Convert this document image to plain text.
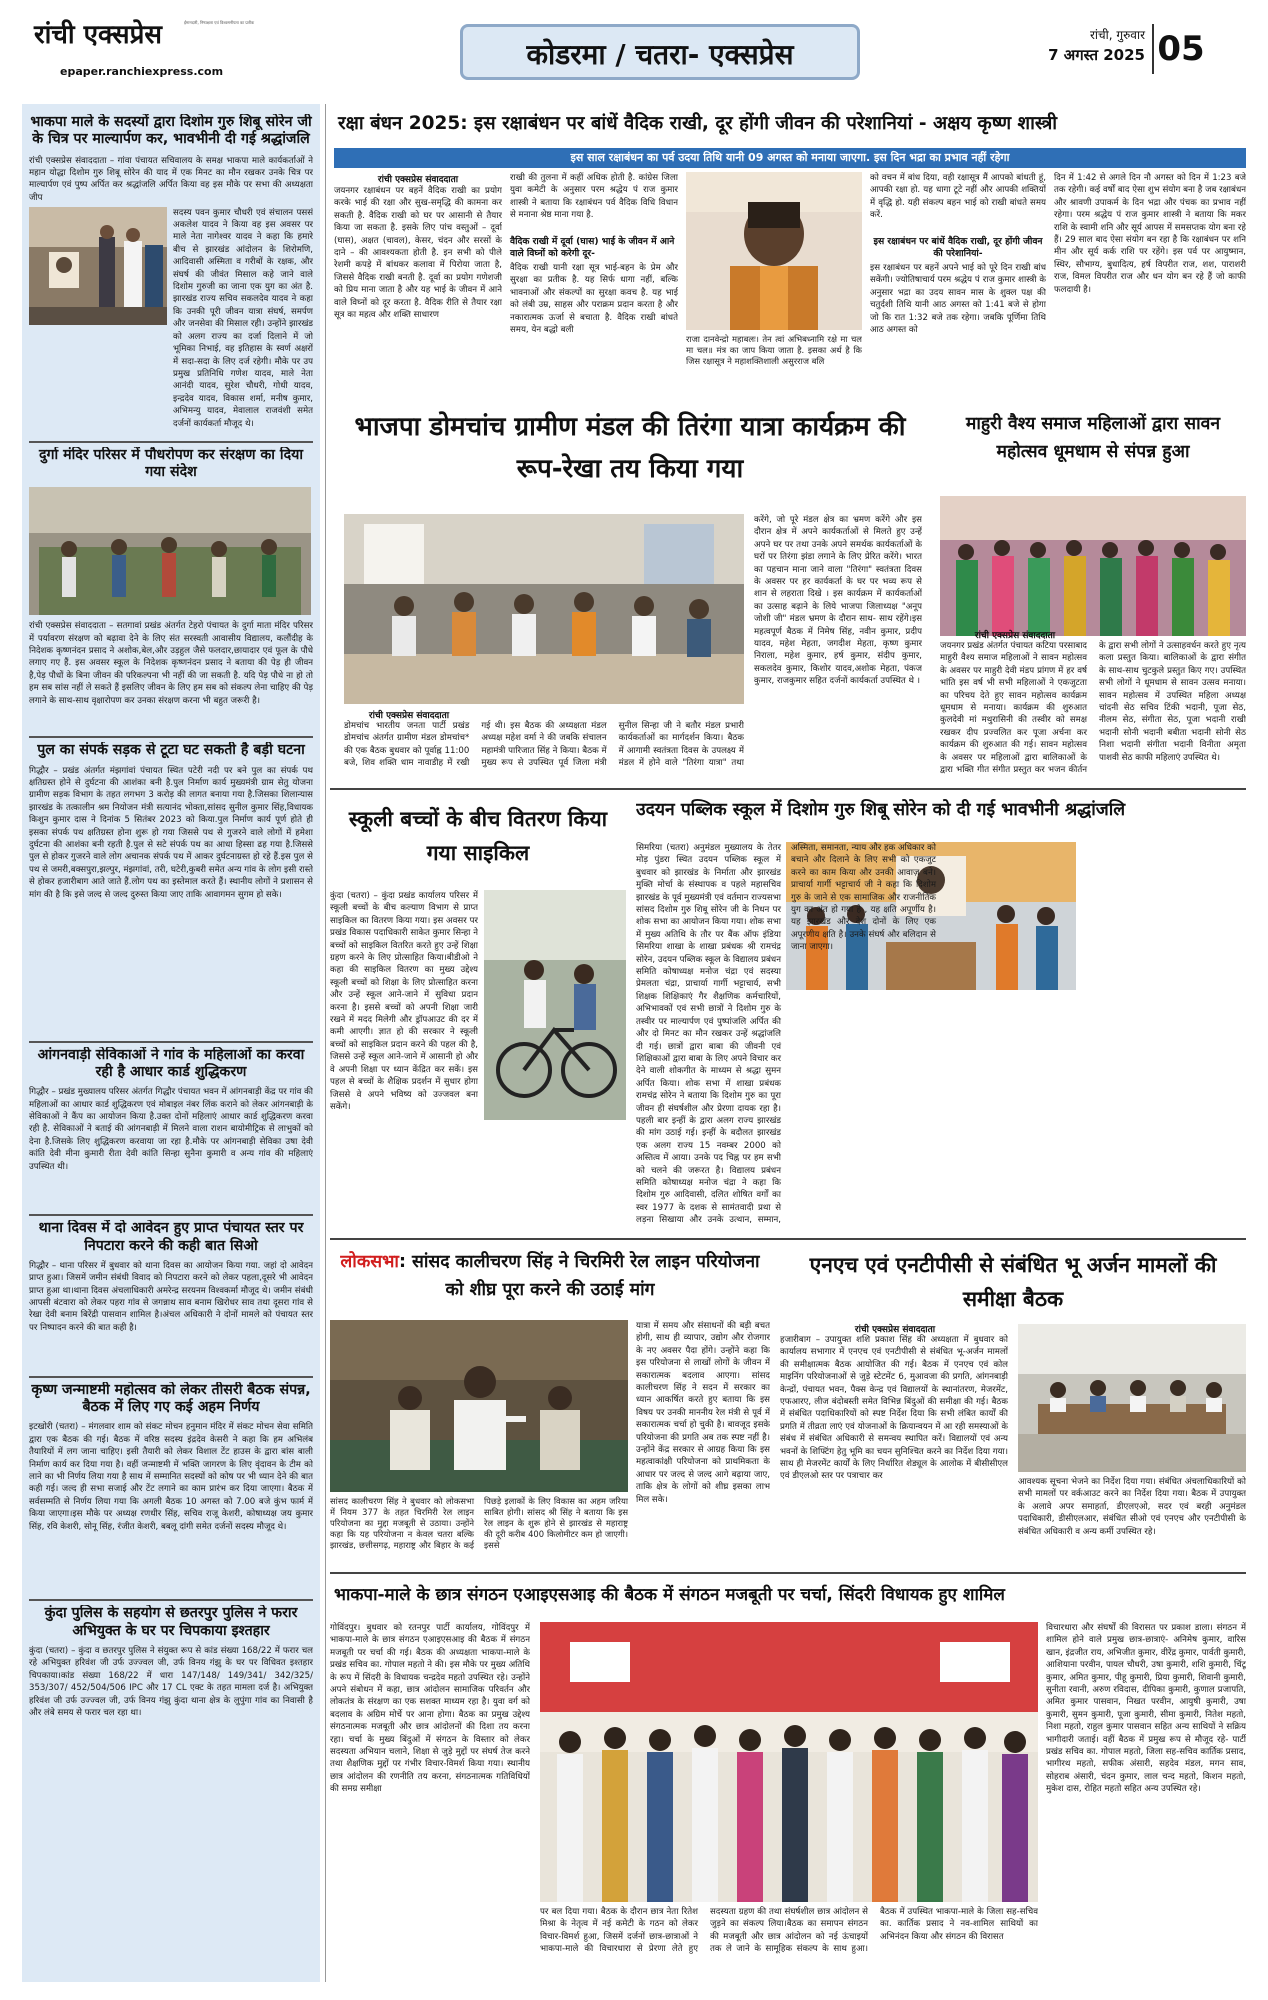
रांची एक्सप्रेस	ईमानदारी, निष्पक्षता एवं विश्वसनीयता का प्रतीक
epaper.ranchiexpress.com
कोडरमा / चतरा- एक्सप्रेस
रांची, गुरुवार
7 अगस्त 2025 05
भाकपा माले के सदस्यों द्वारा दिशोम गुरु शिबू सोरेन जी के चित्र पर माल्यार्पण कर, भावभीनी दी गई श्रद्धांजलि
रांची एक्सप्रेस संवाददाता – गांवा पंचायत सचिवालय के समक्ष भाकपा माले कार्यकर्ताओं ने महान योद्धा दिशोम गुरु शिबू सोरेन की याद में एक मिनट का मौन रखकर उनके चित्र पर माल्यार्पण एवं पुष्प अर्पित कर श्रद्धांजलि अर्पित किया वह इस मौके पर सभा की अध्यक्षता जीप
सदस्य पवन कुमार चौधरी एवं संचालन पससं अकलेश यादव ने किया वह इस अवसर पर माले नेता नागेश्वर यादव ने कहा कि हमारे बीच से झारखंड आंदोलन के शिरोमणि, आदिवासी अस्मिता व गरीबों के रक्षक, और संघर्ष की जीवंत मिसाल कहे जाने वाले दिशोम गुरुजी का जाना एक युग का अंत है. झारखंड राज्य सचिव सकलदेव यादव ने कहा कि उनकी पूरी जीवन यात्रा संघर्ष, समर्पण और जनसेवा की मिसाल रही। उन्होंने झारखंड को अलग राज्य का दर्जा दिलाने में जो भूमिका निभाई, वह इतिहास के स्वर्ण अक्षरों में सदा-सदा के लिए दर्ज रहेगी। मौके पर उप प्रमुख प्रतिनिधि गणेश यादव, माले नेता आनंदी यादव, सुरेश चौधरी, गोधी यादव, इन्द्रदेव यादव, विकास शर्मा, मनीष कुमार, अभिमन्यु यादव, मेवालाल राजवंशी समेत दर्जनों कार्यकर्ता मौजूद थे।
दुर्गा मंदिर परिसर में पौधरोपण कर संरक्षण का दिया गया संदेश
रांची एक्सप्रेस संवाददाता – सतगावां प्रखंड अंतर्गत टेहरो पंचायत के दुर्गा माता मंदिर परिसर में पर्यावरण संरक्षण को बढ़ावा देने के लिए संत सरस्वती आवासीय विद्यालय, कलौंदीह के निदेशक कृष्णनंदन प्रसाद ने अशोक,बेल,और उड़हुल जैसे फलदार,छायादार एवं फूल के पौधे लगाए गए हैं. इस अवसर स्कूल के निदेशक कृष्णनंदन प्रसाद ने बताया की पेड़ ही जीवन है,पेड़ पौधों के बिना जीवन की परिकल्पना भी नहीं की जा सकती है. यदि पेड़ पौधे ना हो तो हम सब सांस नहीं ले सकते हैं इसलिए जीवन के लिए हम सब को संकल्प लेना चाहिए की पेड़ लगाने के साथ-साथ वृक्षारोपण कर उनका संरक्षण करना भी बहुत जरूरी है।
पुल का संपर्क सड़क से टूटा घट सकती है बड़ी घटना
गिद्धौर – प्रखंड अंतर्गत मंझगांवां पंचायत स्थित पटेरी नदी पर बने पुल का संपर्क पथ क्षतिग्रस्त होने से दुर्घटना की आशंका बनी है.पुल निर्माण कार्य मुख्यमंत्री ग्राम सेतु योजना ग्रामीण सड़क विभाग के तहत लगभग 3 करोड़ की लागत बनाया गया है.जिसका शिलान्यास झारखंड के तत्कालीन श्रम नियोजन मंत्री सत्यानंद भोक्ता,सांसद सुनील कुमार सिंह,विधायक किशुन कुमार दास ने दिनांक 5 सितंबर 2023 को किया.पुल निर्माण कार्य पूर्ण होते ही इसका संपर्क पथ क्षतिग्रस्त होना शुरू हो गया जिससे पथ से गुजरने वाले लोगों में हमेशा दुर्घटना की आशंका बनी रहती है.पुल से सटे संपर्क पथ का आधा हिस्सा ढह गया है.जिससे पुल से होकर गुजरने वाले लोग अचानक संपर्क पथ में आकर दुर्घटनाग्रस्त हो रहे हैं.इस पुल से पथ से जमरी,बक्सपुरा,झल्पुर, मंझगांवां, तरी, घटेरी,कुबरी समेत अन्य गांव के लोग इसी रास्ते से होकर हजारीबाग आते जाते हैं.लोग पथ का इस्तेमाल करते हैं। स्थानीय लोगों ने प्रशासन से मांग की है कि इसे जल्द से जल्द दुरुस्त किया जाए ताकि आवागमन सुगम हो सके।
आंगनवाड़ी सेविकाओं ने गांव के महिलाओं का करवा रही है आधार कार्ड शुद्धिकरण
गिद्धौर – प्रखंड मुख्यालय परिसर अंतर्गत गिद्धौर पंचायत भवन में आंगनबाड़ी केंद्र पर गांव की महिलाओं का आधार कार्ड शुद्धिकरण एवं मोबाइल नंबर लिंक कराने को लेकर आंगनबाड़ी के सेविकाओं ने कैंप का आयोजन किया है.उक्त दोनों महिलाएं आधार कार्ड शुद्धिकरण करवा रही है. सेविकाओं ने बताई की आंगनबाड़ी में मिलने वाला राशन बायोमीट्रिक से लाभुकों को देना है.जिसके लिए शुद्धिकरण करवाया जा रहा है.मौके पर आंगनबाड़ी सेविका उषा देवी कांति देवी मीना कुमारी रीता देवी कांति सिन्हा सुनैना कुमारी व अन्य गांव की महिलाएं उपस्थित थी।
थाना दिवस में दो आवेदन हुए प्राप्त पंचायत स्तर पर निपटारा करने की कही बात सिओ
गिद्धौर – थाना परिसर में बुधवार को थाना दिवस का आयोजन किया गया. जहां दो आवेदन प्राप्त हुआ। जिसमें जमीन संबंधी विवाद को निपटारा करने को लेकर पहला,दूसरे भी आवेदन प्राप्त हुआ था।थाना दिवस अंचलाधिकारी अमरेन्द्र सरयनम विश्वकर्मा मौजूद थे। जमीन संबंधी आपसी बंटवारा को लेकर पहरा गांव से जगन्नाथ साव बनाम खिरोधर साव तथा दूसरा गांव से रेखा देवी बनाम बिरेंद्री पासवान शामिल है।अंचल अधिकारी ने दोनों मामले को पंचायत स्तर पर निष्पादन करने की बात कही है।
कृष्ण जन्माष्टमी महोत्सव को लेकर तीसरी बैठक संपन्न, बैठक में लिए गए कई अहम निर्णय
इटखोरी (चतरा) – मंगलवार शाम को संकट मोचन हनुमान मंदिर में संकट मोचन सेवा समिति द्वारा एक बैठक की गई। बैठक में वरिष्ठ सदस्य इंद्रदेव केसरी ने कहा कि हम अभिलंब तैयारियों में लग जाना चाहिए। इसी तैयारी को लेकर विशाल टेंट हाउस के द्वारा बांस बाली निर्माण कार्य कर दिया गया है। वहीं जन्माष्टमी में भक्ति जागरण के लिए वृंदावन के टीम को लाने का भी निर्णय लिया गया है साथ में सम्मानित सदस्यों को कोष पर भी ध्यान देने की बात कही गई। जल्द ही सभा सजाई और टेंट लगाने का काम प्रारंभ कर दिया जाएगा। बैठक में सर्वसम्मति से निर्णय लिया गया कि अगली बैठक 10 अगस्त को 7.00 बजे कुंभ फार्म में किया जाएगा।इस मौके पर अध्यक्ष रणधीर सिंह, सचिव राजू केशरी, कोषाध्यक्ष जय कुमार सिंह, रवि केशरी, सोनू सिंह, रंजीत केशरी, बबलू दांगी समेत दर्जनों सदस्य मौजूद थे।
कुंदा पुलिस के सहयोग से छतरपुर पुलिस ने फरार अभियुक्त के घर पर चिपकाया इश्तहार
कुंदा (चतरा) – कुंदा व छतरपुर पुलिस ने संयुक्त रूप से कांड संख्या 168/22 में फरार चल रहे अभियुक्त हरिवंश जी उर्फ उज्ज्वल जी, उर्फ विनय गंझु के घर पर विधिवत इश्तहार चिपकाया।कांड संख्या 168/22 में धारा 147/148/ 149/341/ 342/325/ 353/307/ 452/504/506 IPC और 17 CL एक्ट के तहत मामला दर्ज है। अभियुक्त हरिवंश जी उर्फ उज्ज्वल जी, उर्फ विनय गंझु कुंदा थाना क्षेत्र के लुपुंगा गांव का निवासी है और लंबे समय से फरार चल रहा था।
रक्षा बंधन 2025: इस रक्षाबंधन पर बांधें वैदिक राखी, दूर होंगी जीवन की परेशानियां - अक्षय कृष्ण शास्त्री
इस साल रक्षाबंधन का पर्व उदया तिथि यानी 09 अगस्त को मनाया जाएगा. इस दिन भद्रा का प्रभाव नहीं रहेगा
रांची एक्सप्रेस संवाददाता
जयनगर रक्षाबंधन पर बहनें वैदिक राखी का प्रयोग करके भाई की रक्षा और सुख-समृद्धि की कामना कर सकती है. वैदिक राखी को घर पर आसानी से तैयार किया जा सकता है. इसके लिए पांच वस्तुओं – दूर्वा (घास), अक्षत (चावल), केसर, चंदन और सरसों के दाने – की आवश्यकता होती है. इन सभी को पीले रेशमी कपड़े में बांधकर कलावा में पिरोया जाता है, जिससे वैदिक राखी बनती है. दूर्वा का प्रयोग गणेशजी को प्रिय माना जाता है और यह भाई के जीवन में आने वाले विघ्नों को दूर करता है. वैदिक रीति से तैयार रक्षा सूत्र का महत्व और शक्ति साधारण
राखी की तुलना में कहीं अधिक होती है. कांग्रेस जिला युवा कमेटी के अनुसार परम श्रद्धेय पं राज कुमार शास्त्री ने बताया कि रक्षाबंधन पर्व वैदिक विधि विधान से मनाना श्रेष्ठ माना गया है.
वैदिक राखी में दूर्वा (घास) भाई के जीवन में आने वाले विघ्नों को करेगी दूर-
वैदिक राखी यानी रक्षा सूत्र भाई-बहन के प्रेम और सुरक्षा का प्रतीक है. यह सिर्फ धागा नहीं, बल्कि भावनाओं और संकल्पों का सुरक्षा कवच है. यह भाई को लंबी उम्र, साहस और पराक्रम प्रदान करता है और नकारात्मक ऊर्जा से बचाता है. वैदिक राखी बांधते समय, येन बद्धो बली
राजा दानवेन्द्रो महाबलः। तेन त्वां अभिबध्नामि रक्षे मा चल मा चल॥ मंत्र का जाप किया जाता है. इसका अर्थ है कि जिस रक्षासूत्र ने महाशक्तिशाली असुरराज बलि
को वचन में बांध दिया, वही रक्षासूत्र मैं आपको बांधती हूं, आपकी रक्षा हो. यह धागा टूटे नहीं और आपकी शक्तियों में वृद्धि हो. यही संकल्प बहन भाई को राखी बांधते समय करें.
इस रक्षाबंधन पर बांधें वैदिक राखी, दूर होंगी जीवन की परेशानियां-
इस रक्षाबंधन पर बहनें अपने भाई को पूरे दिन राखी बांध सकेंगी। ज्योतिषाचार्य परम श्रद्धेय पं राज कुमार शास्त्री के अनुसार भद्रा का उदय सावन मास के शुक्ल पक्ष की चतुर्दशी तिथि यानी आठ अगस्त को 1:41 बजे से होगा जो कि रात 1:32 बजे तक रहेगा। जबकि पूर्णिमा तिथि आठ अगस्त को
दिन में 1:42 से अगले दिन नौ अगस्त को दिन में 1:23 बजे तक रहेगी। कई वर्षों बाद ऐसा शुभ संयोग बना है जब रक्षाबंधन और श्रावणी उपाकर्म के दिन भद्रा और पंचक का प्रभाव नहीं रहेगा। परम श्रद्धेय पं राज कुमार शास्त्री ने बताया कि मकर राशि के स्वामी शनि और सूर्य आपस में समसप्तक योग बना रहे हैं। 29 साल बाद ऐसा संयोग बन रहा है कि रक्षाबंधन पर शनि मीन और सूर्य कर्क राशि पर रहेंगे। इस पर्व पर आयुष्मान, स्थिर, सौभाग्य, बुधादित्य, हर्ष विपरीत राज, शश, पाराशरी राज, विमल विपरीत राज और धन योग बन रहे हैं जो काफी फलदायी है।
भाजपा डोमचांच ग्रामीण मंडल की तिरंगा यात्रा कार्यक्रम की रूप-रेखा तय किया गया
रांची एक्सप्रेस संवाददाता
डोमचांच भारतीय जनता पार्टी प्रखंड डोमचांच अंतर्गत ग्रामीण मंडल डोमचांच* की एक बैठक बुधवार को पूर्वाह्न 11:00 बजे, शिव शक्ति धाम नावाडीह में रखी गई थी। इस बैठक की अध्यक्षता मंडल अध्यक्ष महेश वर्मा ने की जबकि संचालन महामंत्री पारिजात सिंह ने किया। बैठक में मुख्य रूप से उपस्थित पूर्व जिला मंत्री सुनील सिन्हा जी ने बतौर मंडल प्रभारी कार्यकर्ताओं का मार्गदर्शन किया। बैठक में आगामी स्वतंत्रता दिवस के उपलक्ष्य में मंडल में होने वाले "तिरंगा यात्रा" तथा
करेंगे, जो पूरे मंडल क्षेत्र का भ्रमण करेंगे और इस दौरान क्षेत्र में अपने कार्यकर्ताओं से मिलते हुए उन्हें अपने घर पर तथा उनके अपने समर्थक कार्यकर्ताओं के घरों पर तिरंगा झंडा लगाने के लिए प्रेरित करेंगे। भारत का पहचान माना जाने वाला "तिरंगा" स्वतंत्रता दिवस के अवसर पर हर कार्यकर्ता के घर पर भव्य रूप से शान से लहराता दिखे । इस कार्यक्रम में कार्यकर्ताओं का उत्साह बढ़ाने के लिये भाजपा जिलाध्यक्ष "अनूप जोशी जी" मंडल भ्रमण के दौरान साथ- साथ रहेंगे।इस महत्वपूर्ण बैठक में निमेष सिंह, नवीन कुमार, प्रदीप यादव, महेश मेहता, जगदीश मेहता, कृष्ण कुमार निराला, महेश कुमार, हर्ष कुमार, संदीप कुमार, सकलदेव कुमार, किशोर यादव,अशोक मेहता, पंकज कुमार, राजकुमार सहित दर्जनों कार्यकर्ता उपस्थित थे ।
माहुरी वैश्य समाज महिलाओं द्वारा सावन महोत्सव धूमधाम से संपन्न हुआ
रांची एक्सप्रेस संवाददाता
जयनगर प्रखंड अंतर्गत पंचायत कटिया परसाबाद माहुरी वैश्य समाज महिलाओं ने सावन महोत्सव के अवसर पर माहुरी देवी मंडप प्रांगण में हर वर्ष भांति इस वर्ष भी सभी महिलाओं ने एकजुटता का परिचय देते हुए सावन महोत्सव कार्यक्रम धूमधाम से मनाया। कार्यक्रम की शुरुआत कुलदेवी मां मथुरासिनी की तस्वीर को समक्ष रखकर दीप प्रज्वलित कर पूजा अर्चना कर कार्यक्रम की शुरुआत की गई। सावन महोत्सव के अवसर पर महिलाओं द्वारा बालिकाओं के द्वारा भक्ति गीत संगीत प्रस्तुत कर भजन कीर्तन के द्वारा सभी लोगों ने उत्साहवर्धन करते हुए नृत्य कला प्रस्तुत किया। बालिकाओं के द्वारा संगीत के साथ-साथ चुटकुले प्रस्तुत किए गए। उपस्थित सभी लोगों ने धूमधाम से सावन उत्सव मनाया। सावन महोत्सव में उपस्थित महिला अध्यक्ष चांदनी सेठ सचिव टिंकी भदानी, पूजा सेठ, नीलम सेठ, संगीता सेठ, पूजा भदानी राखी भदानी सोनी भदानी बबीता भदानी सोनी सेठ निशा भदानी संगीता भदानी विनीता अमृता पाशवी सेठ काफी महिलाएं उपस्थित थे।
स्कूली बच्चों के बीच वितरण किया गया साइकिल
कुंदा (चतरा) – कुंदा प्रखंड कार्यालय परिसर में स्कूली बच्चों के बीच कल्याण विभाग से प्राप्त साइकिल का वितरण किया गया। इस अवसर पर प्रखंड विकास पदाधिकारी साकेत कुमार सिन्हा ने बच्चों को साइकिल वितरित करते हुए उन्हें शिक्षा ग्रहण करने के लिए प्रोत्साहित किया।बीडीओ ने कहा की साइकिल वितरण का मुख्य उद्देश्य स्कूली बच्चों को शिक्षा के लिए प्रोत्साहित करना और उन्हें स्कूल आने-जाने में सुविधा प्रदान करना है। इससे बच्चों को अपनी शिक्षा जारी रखने में मदद मिलेगी और ड्रॉपआउट की दर में कमी आएगी। ज्ञात हो की सरकार ने स्कूली बच्चों को साइकिल प्रदान करने की पहल की है, जिससे उन्हें स्कूल आने-जाने में आसानी हो और वे अपनी शिक्षा पर ध्यान केंद्रित कर सकें। इस पहल से बच्चों के शैक्षिक प्रदर्शन में सुधार होगा जिससे वे अपने भविष्य को उज्जवल बना सकेंगे।
उदयन पब्लिक स्कूल में दिशोम गुरु शिबू सोरेन को दी गई भावभीनी श्रद्धांजलि
सिमरिया (चतरा) अनुमंडल मुख्यालय के तेतर मोड़ पुंडरा स्थित उदयन पब्लिक स्कूल में बुधवार को झारखंड के निर्माता और झारखंड मुक्ति मोर्चा के संस्थापक व पहले महासचिव झारखंड के पूर्व मुख्यमंत्री एवं वर्तमान राज्यसभा सांसद दिशोम गुरु शिबू सोरेन जी के निधन पर शोक सभा का आयोजन किया गया। शोक सभा में मुख्य अतिथि के तौर पर बैंक ऑफ इंडिया सिमरिया शाखा के शाखा प्रबंधक श्री रामचंद्र सोरेन, उदयन पब्लिक स्कूल के विद्यालय प्रबंधन समिति कोषाध्यक्ष मनोज चंद्रा एवं सदस्या प्रेमलता चंद्रा, प्राचार्या गार्गी भट्टाचार्य, सभी शिक्षक शिक्षिकाएं गैर शैक्षणिक कर्मचारियों, अभिभावकों एवं सभी छात्रों ने दिशोम गुरु के तस्वीर पर माल्यार्पण एवं पुष्पांजलि अर्पित की और दो मिनट का मौन रखकर उन्हें श्रद्धांजलि दी गई। छात्रों द्वारा बाबा की जीवनी एवं शिक्षिकाओं द्वारा बाबा के लिए अपने विचार कर देने वाली शोकगीत के माध्यम से श्रद्धा सुमन अर्पित किया। शोक सभा में शाखा प्रबंधक रामचंद्र सोरेन ने बताया कि दिशोम गुरु का पूरा जीवन ही संघर्षशील और प्रेरणा दायक रहा है। पहली बार इन्हीं के द्वारा अलग राज्य झारखंड की मांग उठाई गई। इन्हीं के बदौलत झारखंड एक अलग राज्य 15 नवम्बर 2000 को अस्तित्व में आया। उनके पद चिह्न पर हम सभी को चलने की जरूरत है। विद्यालय प्रबंधन समिति कोषाध्यक्ष मनोज चंद्रा ने कहा कि दिशोम गुरु आदिवासी, दलित शोषित वर्गों का स्वर 1977 के दशक से सामंतवादी प्रथा से लड़ना सिखाया और उनके उत्थान, सम्मान, अस्मिता, समानता, न्याय और हक अधिकार को बचाने और दिलाने के लिए सभी को एकजुट करने का काम किया और उनकी आवाज़ बने। प्राचार्या गार्गी भट्टाचार्य जी ने कहा कि दिशोम गुरु के जाने से एक सामाजिक और राजनीतिक युग का अंत हो गया है , यह क्षति अपूर्णीय है। यह झारखंड और देश दोनों के लिए एक अपूरणीय क्षति है। उनके संघर्ष और बलिदान से जाना जाएगा।
लोकसभा: सांसद कालीचरण सिंह ने चिरमिरी रेल लाइन परियोजना को शीघ्र पूरा करने की उठाई मांग
सांसद कालीचरण सिंह ने बुधवार को लोकसभा में नियम 377 के तहत चिरमिरी रेल लाइन परियोजना का मुद्दा मजबूती से उठाया। उन्होंने कहा कि यह परियोजना न केवल चतरा बल्कि झारखंड, छत्तीसगढ़, महाराष्ट्र और बिहार के कई पिछड़े इलाकों के लिए विकास का अहम जरिया साबित होगी। सांसद श्री सिंह ने बताया कि इस रेल लाइन के शुरू होने से झारखंड से महाराष्ट्र की दूरी करीब 400 किलोमीटर कम हो जाएगी। इससे
यात्रा में समय और संसाधनों की बड़ी बचत होगी, साथ ही व्यापार, उद्योग और रोजगार के नए अवसर पैदा होंगे। उन्होंने कहा कि इस परियोजना से लाखों लोगों के जीवन में सकारात्मक बदलाव आएगा। सांसद कालीचरण सिंह ने सदन में सरकार का ध्यान आकर्षित करते हुए बताया कि इस विषय पर उनकी माननीय रेल मंत्री से पूर्व में सकारात्मक चर्चा हो चुकी है। बावजूद इसके परियोजना की प्रगति अब तक स्पष्ट नहीं है। उन्होंने केंद्र सरकार से आग्रह किया कि इस महत्वाकांक्षी परियोजना को प्राथमिकता के आधार पर जल्द से जल्द आगे बढ़ाया जाए, ताकि क्षेत्र के लोगों को शीघ्र इसका लाभ मिल सके।
एनएच एवं एनटीपीसी से संबंधित भू अर्जन मामलों की समीक्षा बैठक
रांची एक्सप्रेस संवाददाता
हजारीबाग – उपायुक्त शशि प्रकाश सिंह की अध्यक्षता में बुधवार को कार्यालय सभागार में एनएच एवं एनटीपीसी से संबंधित भू-अर्जन मामलों की समीक्षात्मक बैठक आयोजित की गई। बैठक में एनएच एवं कोल माइनिंग परियोजनाओं से जुड़े स्टेटमेंट 6, मुआवजा की प्रगति, आंगनबाड़ी केन्द्रों, पंचायत भवन, पैक्स केन्द्र एवं विद्यालयों के स्थानांतरण, मेजरमेंट, एफआरए, लीज बंदोबस्ती समेत विभिन्न बिंदुओं की समीक्षा की गई। बैठक में संबंधित पदाधिकारियों को स्पष्ट निर्देश दिया कि सभी लंबित कार्यों की प्रगति में तीव्रता लाएं एवं योजनाओं के क्रियान्वयन में आ रही समस्याओं के संबंध में संबंधित अधिकारी से समन्वय स्थापित करें। विद्यालयों एवं अन्य भवनों के शिफ्टिंग हेतु भूमि का चयन सुनिश्चित करने का निर्देश दिया गया। साथ ही मेजरमेंट कार्यों के लिए निर्धारित शेड्यूल के आलोक में बीसीसीएल एवं डीएलओ स्तर पर पत्राचार कर
आवश्यक सूचना भेजने का निर्देश दिया गया। संबंधित अंचलाधिकारियों को सभी मामलों पर वर्कआउट करने का निर्देश दिया गया। बैठक में उपायुक्त के अलावे अपर समाहर्ता, डीएलएओ, सदर एवं बरही अनुमंडल पदाधिकारी, डीसीएलआर, संबंधित सीओ एवं एनएच और एनटीपीसी के संबंधित अधिकारी व अन्य कर्मी उपस्थित रहे।
भाकपा-माले के छात्र संगठन एआइएसआइ की बैठक में संगठन मजबूती पर चर्चा, सिंदरी विधायक हुए शामिल
गोविंदपुर। बुधवार को रतनपुर पार्टी कार्यालय, गोविंदपुर में भाकपा-माले के छात्र संगठन एआइएसआइ की बैठक में संगठन मजबूती पर चर्चा की गई। बैठक की अध्यक्षता भाकपा-माले के प्रखंड सचिव का. गोपाल महतो ने की। इस मौके पर मुख्य अतिथि के रूप में सिंदरी के विधायक चन्द्रदेव महतो उपस्थित रहे। उन्होंने अपने संबोधन में कहा, छात्र आंदोलन सामाजिक परिवर्तन और लोकतंत्र के संरक्षण का एक सशक्त माध्यम रहा है। युवा वर्ग को बदलाव के अग्रिम मोर्चे पर आना होगा। बैठक का प्रमुख उद्देश्य संगठनात्मक मजबूती और छात्र आंदोलनों की दिशा तय करना रहा। चर्चा के मुख्य बिंदुओं में संगठन के विस्तार को लेकर सदस्यता अभियान चलाने, शिक्षा से जुड़े मुद्दों पर संघर्ष तेज करने तथा शैक्षणिक मुद्दों पर गंभीर विचार-विमर्श किया गया। स्थानीय छात्र आंदोलन की रणनीति तय करना, संगठनात्मक गतिविधियों की समग्र समीक्षा
पर बल दिया गया। बैठक के दौरान छात्र नेता रितेश मिश्रा के नेतृत्व में नई कमेटी के गठन को लेकर विचार-विमर्श हुआ, जिसमें दर्जनों छात्र-छात्राओं ने भाकपा-माले की विचारधारा से प्रेरणा लेते हुए सदस्यता ग्रहण की तथा संघर्षशील छात्र आंदोलन से जुड़ने का संकल्प लिया।बैठक का समापन संगठन की मजबूती और छात्र आंदोलन को नई ऊंचाइयों तक ले जाने के सामूहिक संकल्प के साथ हुआ। बैठक में उपस्थित भाकपा-माले के जिला सह-सचिव का. कार्तिक प्रसाद ने नव-शामिल साथियों का अभिनंदन किया और संगठन की विरासत
विचारधारा और संघर्षों की विरासत पर प्रकाश डाला। संगठन में शामिल होने वाले प्रमुख छात्र-छात्राएं- अनिमेष कुमार, वारिस खान, इंद्रजीत राय, अभिजीत कुमार, वीरेंद्र कुमार, पार्वती कुमारी, आशियाना परवीन, पायल चौधरी, उषा कुमारी, शशि कुमारी, चिंटू कुमार, अमित कुमार, पीहू कुमारी, प्रिया कुमारी, शिवानी कुमारी, सुनीता रवानी, अरुण रविदास, दीपिका कुमारी, कुणाल प्रजापति, अमित कुमार पासवान, निखत परवीन, आयुषी कुमारी, उषा कुमारी, सुमन कुमारी, पूजा कुमारी, सीमा कुमारी, नितेश महतो, निशा महतो, राहुल कुमार पासवान सहित अन्य साथियों ने सक्रिय भागीदारी जताई। वहीं बैठक में प्रमुख रूप से मौजूद रहे- पार्टी प्रखंड सचिव का. गोपाल महतो, जिला सह-सचिव कार्तिक प्रसाद, भागीरथ महतो, सफीक अंसारी, सहदेव मंडल, मगन साव, सोहराब अंसारी, चंदन कुमार, लाल चन्द महतो, किशन महतो, मुकेश दास, रोहित महतो सहित अन्य उपस्थित रहे।
